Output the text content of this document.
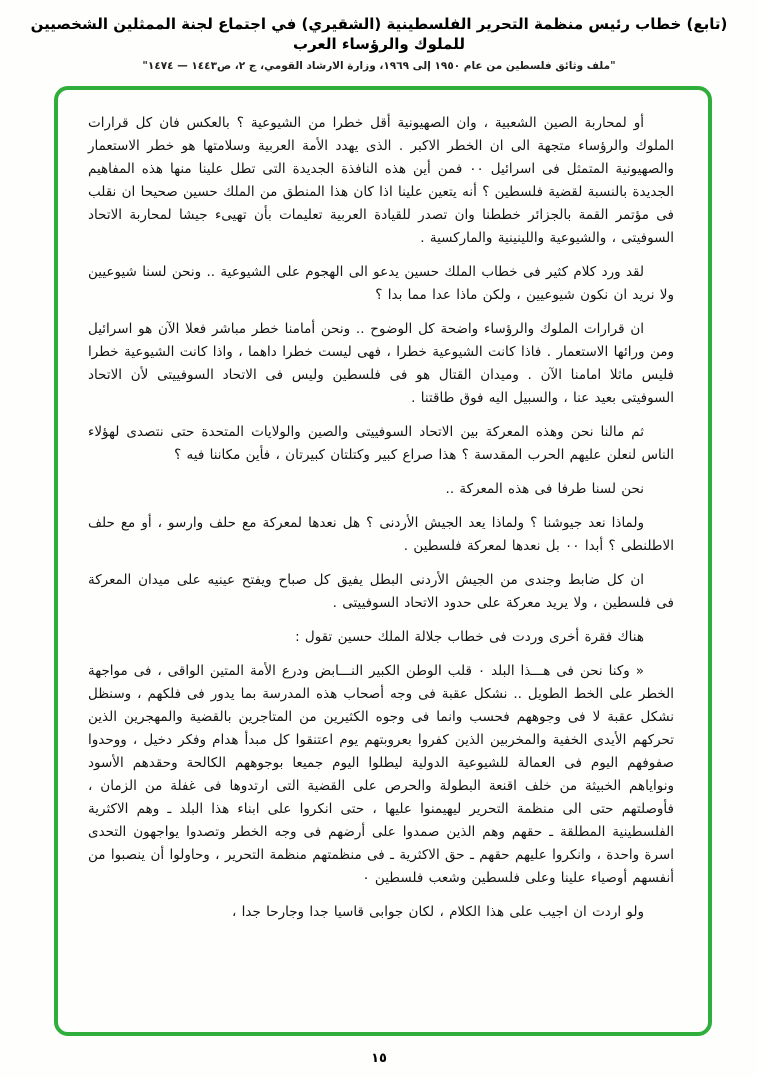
(تابع) خطاب رئيس منظمة التحرير الفلسطينية (الشقيري) في اجتماع لجنة الممثلين الشخصيين للملوك والرؤساء العرب
"ملف وثائق فلسطين من عام ١٩٥٠ إلى ١٩٦٩، وزارة الارشاد القومي، ج ٢، ص١٤٤٣ — ١٤٧٤"

أو لمحاربة الصين الشعبية ، وان الصهيونية أقل خطرا من الشيوعية ؟ بالعكس فان كل قرارات الملوك والرؤساء متجهة الى ان الخطر الاكبر . الذى يهدد الأمة العربية وسلامتها هو خطر الاستعمار والصهيونية المتمثل فى اسرائيل ٠٠ فمن أين هذه النافذة الجديدة التى تطل علينا منها هذه المفاهيم الجديدة بالنسبة لقضية فلسطين ؟ أنه يتعين علينا اذا كان هذا المنطق من الملك حسين صحيحا ان نقلب فى مؤتمر القمة بالجزائر خططنا وان تصدر للقيادة العربية تعليمات بأن تهيىء جيشا لمحاربة الاتحاد السوفيتى ، والشيوعية واللينينية والماركسية .

لقد ورد كلام كثير فى خطاب الملك حسين يدعو الى الهجوم على الشيوعية .. ونحن لسنا شيوعيين ولا نريد ان نكون شيوعيين ، ولكن ماذا عدا مما بدا ؟

ان قرارات الملوك والرؤساء واضحة كل الوضوح .. ونحن أمامنا خطر مباشر فعلا الآن هو اسرائيل ومن ورائها الاستعمار . فاذا كانت الشيوعية خطرا ، فهى ليست خطرا داهما ، واذا كانت الشيوعية خطرا فليس ماثلا امامنا الآن . وميدان القتال هو فى فلسطين وليس فى الاتحاد السوفييتى لأن الاتحاد السوفيتى بعيد عنا ، والسبيل اليه فوق طاقتنا .

ثم مالنا نحن وهذه المعركة بين الاتحاد السوفييتى والصين والولايات المتحدة حتى نتصدى لهؤلاء الناس لنعلن عليهم الحرب المقدسة ؟ هذا صراع كبير وكتلتان كبيرتان ، فأين مكاننا فيه ؟

نحن لسنا طرفا فى هذه المعركة ..

ولماذا نعد جيوشنا ؟ ولماذا يعد الجيش الأردنى ؟ هل نعدها لمعركة مع حلف وارسو ، أو مع حلف الاطلنطى ؟ أبدا ٠٠ بل نعدها لمعركة فلسطين .

ان كل ضابط وجندى من الجيش الأردنى البطل يفيق كل صباح ويفتح عينيه على ميدان المعركة فى فلسطين ، ولا يريد معركة على حدود الاتحاد السوفييتى .

هناك فقرة أخرى وردت فى خطاب جلالة الملك حسين تقول :

« وكنا نحن فى هـــذا البلد ٠ قلب الوطن الكبير النـــابض ودرع الأمة المتين الواقى ، فى مواجهة الخطر على الخط الطويل .. نشكل عقبة فى وجه أصحاب هذه المدرسة بما يدور فى فلكهم ، وسنظل نشكل عقبة لا فى وجوههم فحسب وانما فى وجوه الكثيرين من المتاجرين بالقضية والمهجرين الذين تحركهم الأيدى الخفية والمخربين الذين كفروا بعروبتهم يوم اعتنقوا كل مبدأ هدام وفكر دخيل ، ووحدوا صفوفهم اليوم فى العمالة للشيوعية الدولية ليطلوا اليوم جميعا بوجوههم الكالحة وحقدهم الأسود ونواياهم الخبيثة من خلف اقنعة البطولة والحرص على القضية التى ارتدوها فى غفلة من الزمان ، فأوصلتهم حتى الى منظمة التحرير ليهيمنوا عليها ، حتى انكروا على ابناء هذا البلد ـ وهم الاكثرية الفلسطينية المطلقة ـ حقهم وهم الذين صمدوا على أرضهم فى وجه الخطر وتصدوا يواجهون التحدى اسرة واحدة ، وانكروا عليهم حقهم ـ حق الاكثرية ـ فى منظمتهم منظمة التحرير ، وحاولوا أن ينصبوا من أنفسهم أوصياء علينا وعلى فلسطين وشعب فلسطين ٠

ولو اردت ان اجيب على هذا الكلام ، لكان جوابى قاسيا جدا وجارحا جدا ،

١٥
